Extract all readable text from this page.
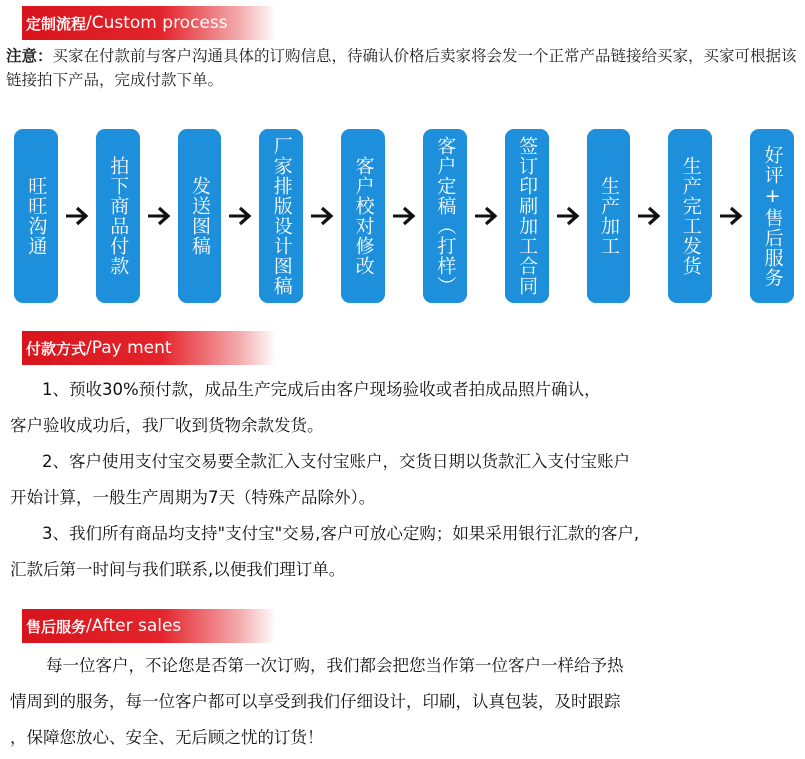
定制流程 /Custom process
注意：买家在付款前与客户沟通具体的订购信息，待确认价格后卖家将会发一个正常产品链接给买家，买家可根据该链接拍下产品，完成付款下单。
旺旺沟通	拍下商品付款	发送图稿	厂家排版设计图稿	客户校对修改	客户定稿（打样）	签订印刷加工合同	生产加工	生产完工发货	好评+售后服务
付款方式 /Pay ment
1、预收30%预付款，成品生产完成后由客户现场验收或者拍成品照片确认，
客户验收成功后，我厂收到货物余款发货。
2、客户使用支付宝交易要全款汇入支付宝账户，交货日期以货款汇入支付宝账户
开始计算，一般生产周期为7天（特殊产品除外）。
3、我们所有商品均支持"支付宝"交易,客户可放心定购；如果采用银行汇款的客户,
汇款后第一时间与我们联系,以便我们理订单。
售后服务 /After sales
每一位客户，不论您是否第一次订购，我们都会把您当作第一位客户一样给予热
情周到的服务，每一位客户都可以享受到我们仔细设计，印刷，认真包装，及时跟踪
，保障您放心、安全、无后顾之忧的订货！
